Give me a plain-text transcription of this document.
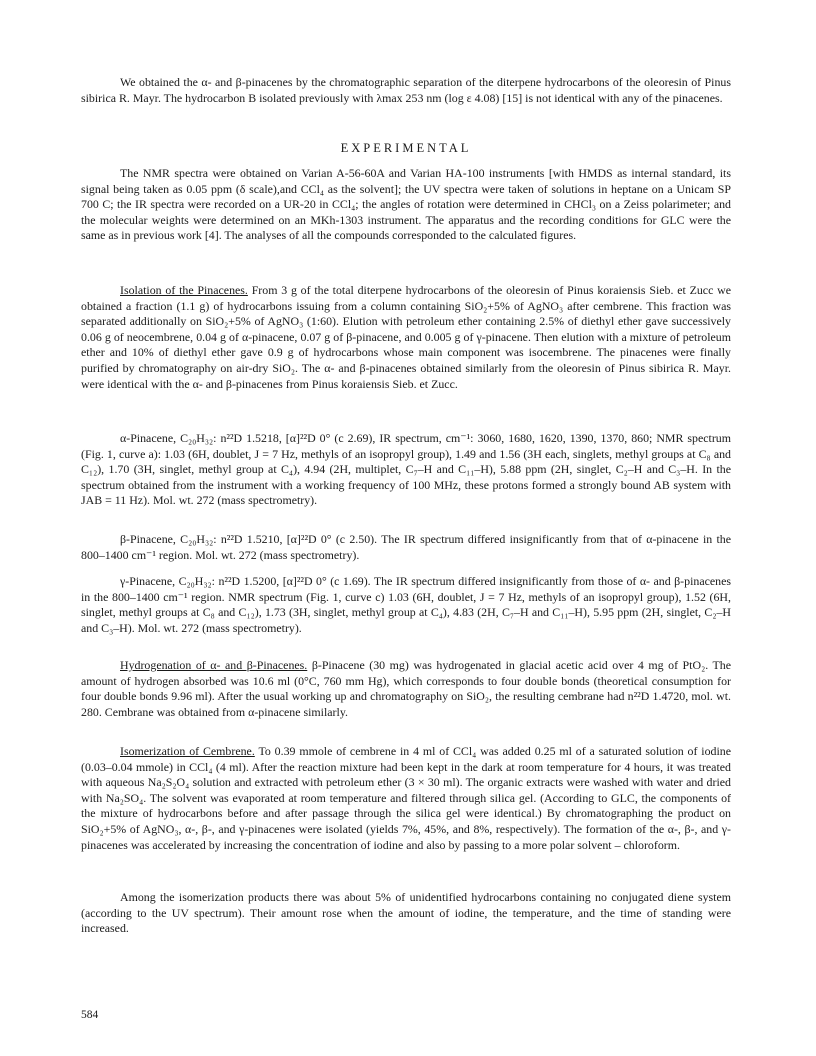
We obtained the α- and β-pinacenes by the chromatographic separation of the diterpene hydrocarbons of the oleoresin of Pinus sibirica R. Mayr. The hydrocarbon B isolated previously with λmax 253 nm (log ε 4.08) [15] is not identical with any of the pinacenes.

EXPERIMENTAL

The NMR spectra were obtained on Varian A-56-60A and Varian HA-100 instruments [with HMDS as internal standard, its signal being taken as 0.05 ppm (δ scale),and CCl₄ as the solvent]; the UV spectra were taken of solutions in heptane on a Unicam SP 700 C; the IR spectra were recorded on a UR-20 in CCl₄; the angles of rotation were determined in CHCl₃ on a Zeiss polarimeter; and the molecular weights were determined on an MKh-1303 instrument. The apparatus and the recording conditions for GLC were the same as in previous work [4]. The analyses of all the compounds corresponded to the calculated figures.

Isolation of the Pinacenes. From 3 g of the total diterpene hydrocarbons of the oleoresin of Pinus koraiensis Sieb. et Zucc we obtained a fraction (1.1 g) of hydrocarbons issuing from a column containing SiO₂+5% of AgNO₃ after cembrene. This fraction was separated additionally on SiO₂+5% of AgNO₃ (1:60). Elution with petroleum ether containing 2.5% of diethyl ether gave successively 0.06 g of neocembrene, 0.04 g of α-pinacene, 0.07 g of β-pinacene, and 0.005 g of γ-pinacene. Then elution with a mixture of petroleum ether and 10% of diethyl ether gave 0.9 g of hydrocarbons whose main component was isocembrene. The pinacenes were finally purified by chromatography on air-dry SiO₂. The α- and β-pinacenes obtained similarly from the oleoresin of Pinus sibirica R. Mayr. were identical with the α- and β-pinacenes from Pinus koraiensis Sieb. et Zucc.

α-Pinacene, C₂₀H₃₂: n²²D 1.5218, [α]²²D 0° (c 2.69), IR spectrum, cm⁻¹: 3060, 1680, 1620, 1390, 1370, 860; NMR spectrum (Fig. 1, curve a): 1.03 (6H, doublet, J = 7 Hz, methyls of an isopropyl group), 1.49 and 1.56 (3H each, singlets, methyl groups at C₈ and C₁₂), 1.70 (3H, singlet, methyl group at C₄), 4.94 (2H, multiplet, C₇–H and C₁₁–H), 5.88 ppm (2H, singlet, C₂–H and C₃–H. In the spectrum obtained from the instrument with a working frequency of 100 MHz, these protons formed a strongly bound AB system with JAB = 11 Hz). Mol. wt. 272 (mass spectrometry).

β-Pinacene, C₂₀H₃₂: n²²D 1.5210, [α]²²D 0° (c 2.50). The IR spectrum differed insignificantly from that of α-pinacene in the 800–1400 cm⁻¹ region. Mol. wt. 272 (mass spectrometry).

γ-Pinacene, C₂₀H₃₂: n²²D 1.5200, [α]²²D 0° (c 1.69). The IR spectrum differed insignificantly from those of α- and β-pinacenes in the 800–1400 cm⁻¹ region. NMR spectrum (Fig. 1, curve c) 1.03 (6H, doublet, J = 7 Hz, methyls of an isopropyl group), 1.52 (6H, singlet, methyl groups at C₈ and C₁₂), 1.73 (3H, singlet, methyl group at C₄), 4.83 (2H, C₇–H and C₁₁–H), 5.95 ppm (2H, singlet, C₂–H and C₃–H). Mol. wt. 272 (mass spectrometry).

Hydrogenation of α- and β-Pinacenes. β-Pinacene (30 mg) was hydrogenated in glacial acetic acid over 4 mg of PtO₂. The amount of hydrogen absorbed was 10.6 ml (0°C, 760 mm Hg), which corresponds to four double bonds (theoretical consumption for four double bonds 9.96 ml). After the usual working up and chromatography on SiO₂, the resulting cembrane had n²²D 1.4720, mol. wt. 280. Cembrane was obtained from α-pinacene similarly.

Isomerization of Cembrene. To 0.39 mmole of cembrene in 4 ml of CCl₄ was added 0.25 ml of a saturated solution of iodine (0.03–0.04 mmole) in CCl₄ (4 ml). After the reaction mixture had been kept in the dark at room temperature for 4 hours, it was treated with aqueous Na₂S₂O₄ solution and extracted with petroleum ether (3 × 30 ml). The organic extracts were washed with water and dried with Na₂SO₄. The solvent was evaporated at room temperature and filtered through silica gel. (According to GLC, the components of the mixture of hydrocarbons before and after passage through the silica gel were identical.) By chromatographing the product on SiO₂+5% of AgNO₃, α-, β-, and γ-pinacenes were isolated (yields 7%, 45%, and 8%, respectively). The formation of the α-, β-, and γ-pinacenes was accelerated by increasing the concentration of iodine and also by passing to a more polar solvent – chloroform.

Among the isomerization products there was about 5% of unidentified hydrocarbons containing no conjugated diene system (according to the UV spectrum). Their amount rose when the amount of iodine, the temperature, and the time of standing were increased.

584
